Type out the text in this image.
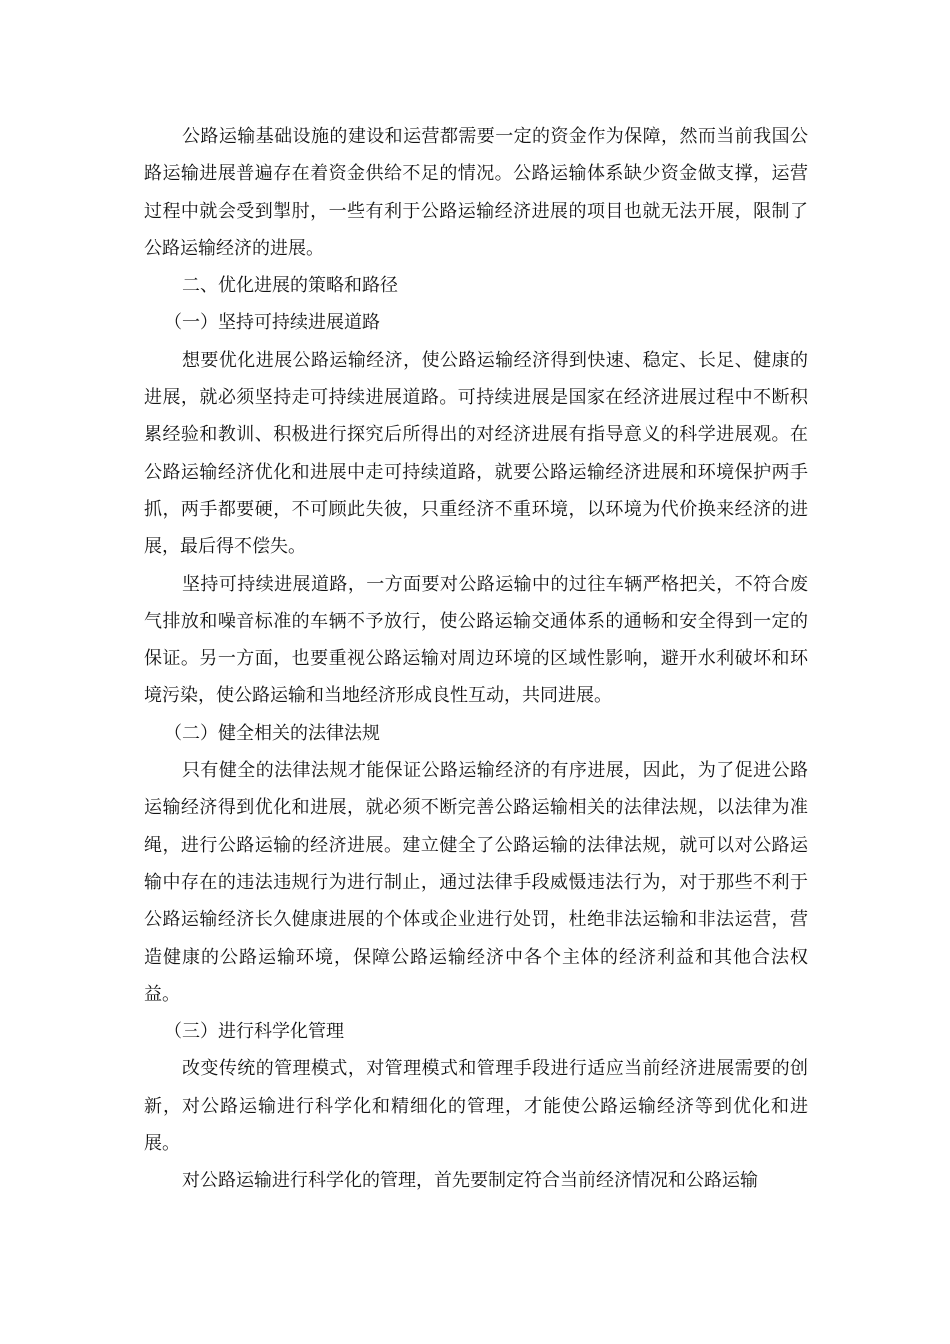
公路运输基础设施的建设和运营都需要一定的资金作为保障，然而当前我国公路运输进展普遍存在着资金供给不足的情况。公路运输体系缺少资金做支撑，运营过程中就会受到掣肘，一些有利于公路运输经济进展的项目也就无法开展，限制了公路运输经济的进展。

二、优化进展的策略和路径

（一）坚持可持续进展道路

想要优化进展公路运输经济，使公路运输经济得到快速、稳定、长足、健康的进展，就必须坚持走可持续进展道路。可持续进展是国家在经济进展过程中不断积累经验和教训、积极进行探究后所得出的对经济进展有指导意义的科学进展观。在公路运输经济优化和进展中走可持续道路，就要公路运输经济进展和环境保护两手抓，两手都要硬，不可顾此失彼，只重经济不重环境，以环境为代价换来经济的进展，最后得不偿失。

坚持可持续进展道路，一方面要对公路运输中的过往车辆严格把关，不符合废气排放和噪音标准的车辆不予放行，使公路运输交通体系的通畅和安全得到一定的保证。另一方面，也要重视公路运输对周边环境的区域性影响，避开水利破坏和环境污染，使公路运输和当地经济形成良性互动，共同进展。

（二）健全相关的法律法规

只有健全的法律法规才能保证公路运输经济的有序进展，因此，为了促进公路运输经济得到优化和进展，就必须不断完善公路运输相关的法律法规，以法律为准绳，进行公路运输的经济进展。建立健全了公路运输的法律法规，就可以对公路运输中存在的违法违规行为进行制止，通过法律手段威慑违法行为，对于那些不利于公路运输经济长久健康进展的个体或企业进行处罚，杜绝非法运输和非法运营，营造健康的公路运输环境，保障公路运输经济中各个主体的经济利益和其他合法权益。

（三）进行科学化管理

改变传统的管理模式，对管理模式和管理手段进行适应当前经济进展需要的创新，对公路运输进行科学化和精细化的管理，才能使公路运输经济等到优化和进展。

对公路运输进行科学化的管理，首先要制定符合当前经济情况和公路运输
